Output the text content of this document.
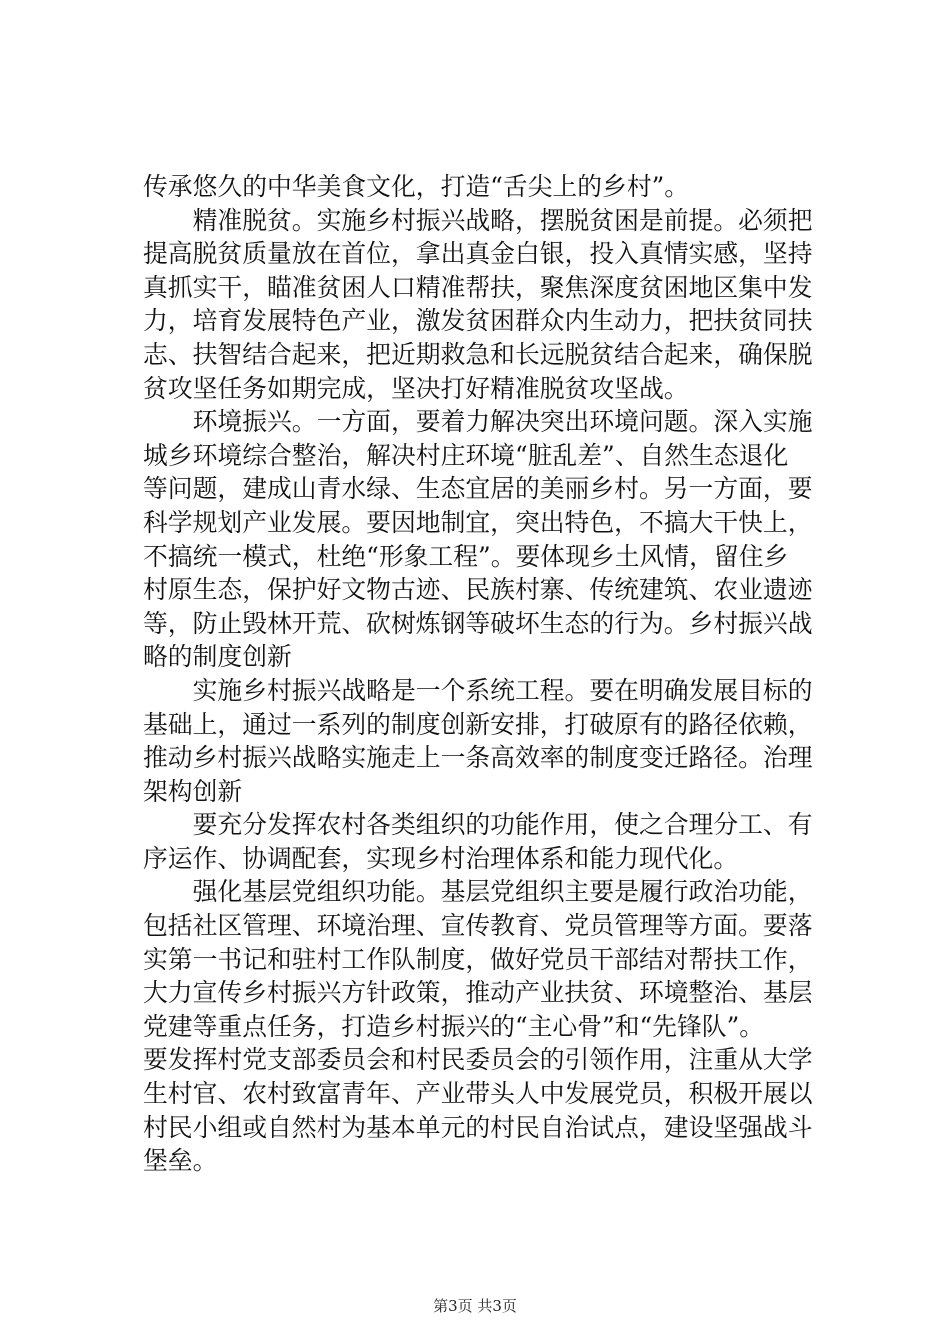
传承悠久的中华美食文化，打造“舌尖上的乡村”。

　　精准脱贫。实施乡村振兴战略，摆脱贫困是前提。必须把

提高脱贫质量放在首位，拿出真金白银，投入真情实感，坚持

真抓实干，瞄准贫困人口精准帮扶，聚焦深度贫困地区集中发

力，培育发展特色产业，激发贫困群众内生动力，把扶贫同扶

志、扶智结合起来，把近期救急和长远脱贫结合起来，确保脱

贫攻坚任务如期完成，坚决打好精准脱贫攻坚战。

　　环境振兴。一方面，要着力解决突出环境问题。深入实施

城乡环境综合整治，解决村庄环境“脏乱差”、自然生态退化

等问题，建成山青水绿、生态宜居的美丽乡村。另一方面，要

科学规划产业发展。要因地制宜，突出特色，不搞大干快上，

不搞统一模式，杜绝“形象工程”。要体现乡土风情，留住乡

村原生态，保护好文物古迹、民族村寨、传统建筑、农业遗迹

等，防止毁林开荒、砍树炼钢等破坏生态的行为。乡村振兴战

略的制度创新

　　实施乡村振兴战略是一个系统工程。要在明确发展目标的

基础上，通过一系列的制度创新安排，打破原有的路径依赖，

推动乡村振兴战略实施走上一条高效率的制度变迁路径。治理

架构创新

　　要充分发挥农村各类组织的功能作用，使之合理分工、有

序运作、协调配套，实现乡村治理体系和能力现代化。

　　强化基层党组织功能。基层党组织主要是履行政治功能，

包括社区管理、环境治理、宣传教育、党员管理等方面。要落

实第一书记和驻村工作队制度，做好党员干部结对帮扶工作，

大力宣传乡村振兴方针政策，推动产业扶贫、环境整治、基层

党建等重点任务，打造乡村振兴的“主心骨”和“先锋队”。

要发挥村党支部委员会和村民委员会的引领作用，注重从大学

生村官、农村致富青年、产业带头人中发展党员，积极开展以

村民小组或自然村为基本单元的村民自治试点，建设坚强战斗

堡垒。

第3页 共3页
